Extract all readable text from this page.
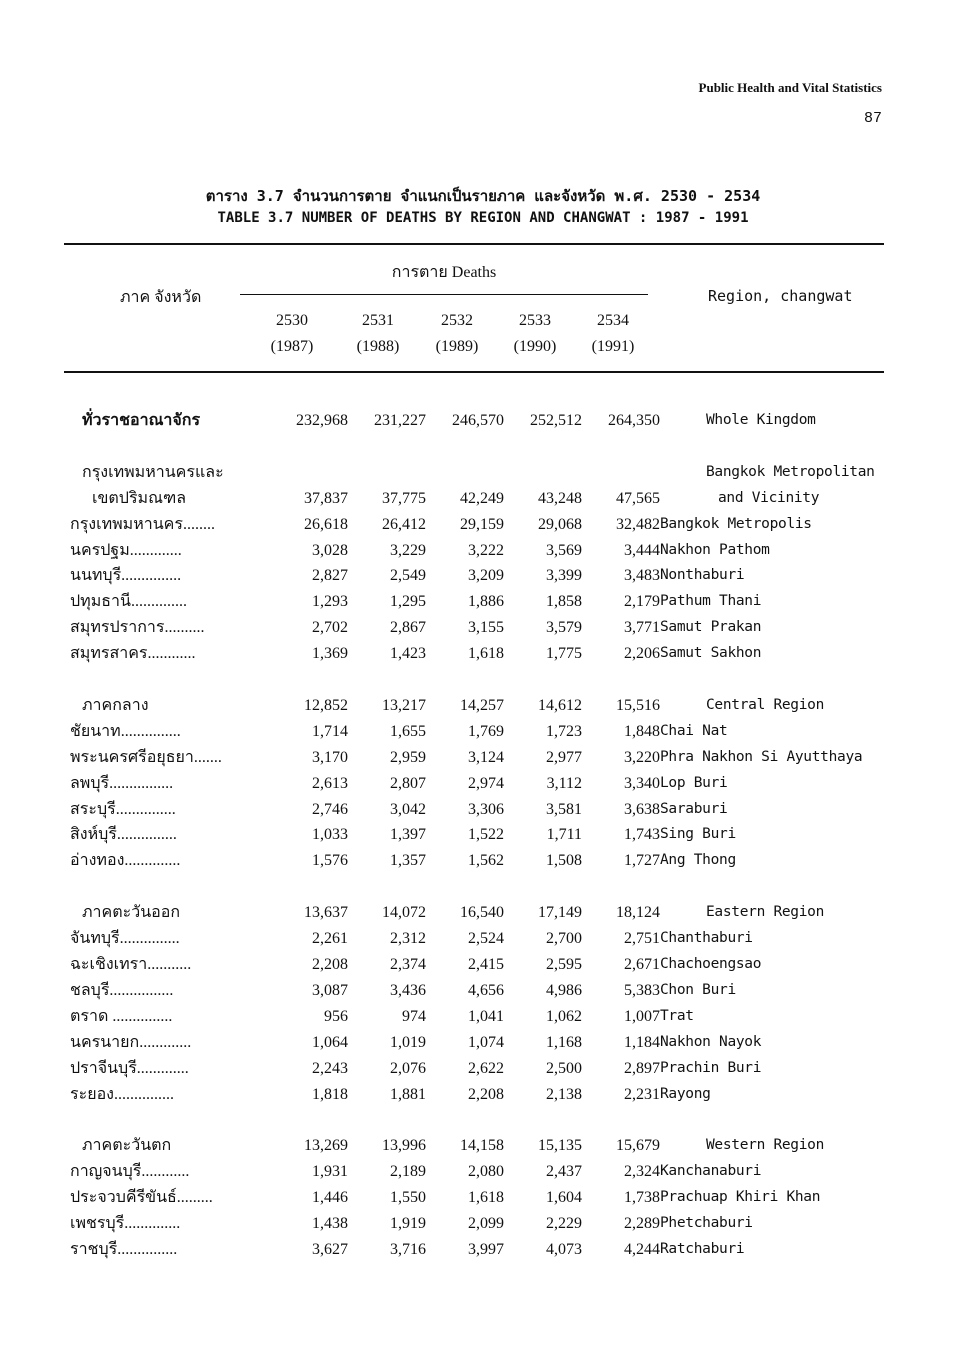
Public Health and Vital Statistics
87
ตาราง 3.7 จำนวนการตาย จำแนกเป็นรายภาค และจังหวัด พ.ศ. 2530 - 2534
TABLE 3.7 NUMBER OF DEATHS BY REGION AND CHANGWAT : 1987 - 1991
ภาค จังหวัด
การตาย Deaths
Region, changwat
2530
(1987)
2531
(1988)
2532
(1989)
2533
(1990)
2534
(1991)
ทั่วราชอาณาจักร	232,968	231,227	246,570	252,512	264,350	Whole Kingdom

กรุงเทพมหานครและ						Bangkok Metropolitan
เขตปริมณฑล	37,837	37,775	42,249	43,248	47,565	and Vicinity
กรุงเทพมหานคร........	26,618	26,412	29,159	29,068	32,482	Bangkok Metropolis
นครปฐม.............	3,028	3,229	3,222	3,569	3,444	Nakhon Pathom
นนทบุรี...............	2,827	2,549	3,209	3,399	3,483	Nonthaburi
ปทุมธานี..............	1,293	1,295	1,886	1,858	2,179	Pathum Thani
สมุทรปราการ..........	2,702	2,867	3,155	3,579	3,771	Samut Prakan
สมุทรสาคร............	1,369	1,423	1,618	1,775	2,206	Samut Sakhon

ภาคกลาง	12,852	13,217	14,257	14,612	15,516	Central Region
ชัยนาท...............	1,714	1,655	1,769	1,723	1,848	Chai Nat
พระนครศรีอยุธยา.......	3,170	2,959	3,124	2,977	3,220	Phra Nakhon Si Ayutthaya
ลพบุรี................	2,613	2,807	2,974	3,112	3,340	Lop Buri
สระบุรี...............	2,746	3,042	3,306	3,581	3,638	Saraburi
สิงห์บุรี...............	1,033	1,397	1,522	1,711	1,743	Sing Buri
อ่างทอง..............	1,576	1,357	1,562	1,508	1,727	Ang Thong

ภาคตะวันออก	13,637	14,072	16,540	17,149	18,124	Eastern Region
จันทบุรี...............	2,261	2,312	2,524	2,700	2,751	Chanthaburi
ฉะเชิงเทรา...........	2,208	2,374	2,415	2,595	2,671	Chachoengsao
ชลบุรี................	3,087	3,436	4,656	4,986	5,383	Chon Buri
ตราด ...............	956	974	1,041	1,062	1,007	Trat
นครนายก.............	1,064	1,019	1,074	1,168	1,184	Nakhon Nayok
ปราจีนบุรี.............	2,243	2,076	2,622	2,500	2,897	Prachin Buri
ระยอง...............	1,818	1,881	2,208	2,138	2,231	Rayong

ภาคตะวันตก	13,269	13,996	14,158	15,135	15,679	Western Region
กาญจนบุรี............	1,931	2,189	2,080	2,437	2,324	Kanchanaburi
ประจวบคีรีขันธ์.........	1,446	1,550	1,618	1,604	1,738	Prachuap Khiri Khan
เพชรบุรี..............	1,438	1,919	2,099	2,229	2,289	Phetchaburi
ราชบุรี...............	3,627	3,716	3,997	4,073	4,244	Ratchaburi
